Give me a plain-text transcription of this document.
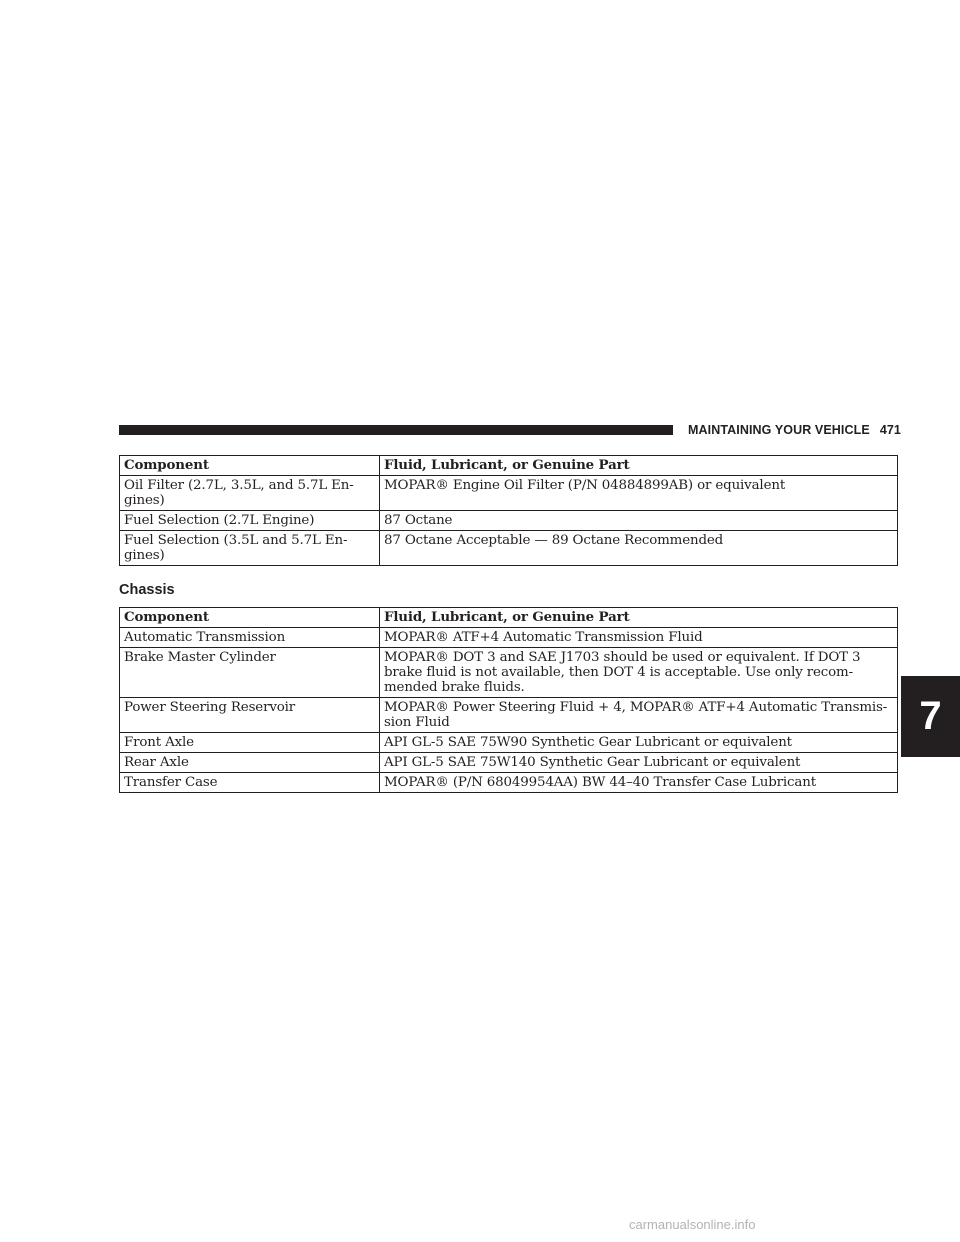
MAINTAINING YOUR VEHICLE 471
Component	Fluid, Lubricant, or Genuine Part
Oil Filter (2.7L, 3.5L, and 5.7L En-
gines)	MOPAR® Engine Oil Filter (P/N 04884899AB) or equivalent
Fuel Selection (2.7L Engine)	87 Octane
Fuel Selection (3.5L and 5.7L En-
gines)	87 Octane Acceptable — 89 Octane Recommended
Chassis
Component	Fluid, Lubricant, or Genuine Part
Automatic Transmission	MOPAR® ATF+4 Automatic Transmission Fluid
Brake Master Cylinder	MOPAR® DOT 3 and SAE J1703 should be used or equivalent. If DOT 3
brake fluid is not available, then DOT 4 is acceptable. Use only recom-
mended brake fluids.
Power Steering Reservoir	MOPAR® Power Steering Fluid + 4, MOPAR® ATF+4 Automatic Transmis-
sion Fluid
Front Axle	API GL-5 SAE 75W90 Synthetic Gear Lubricant or equivalent
Rear Axle	API GL-5 SAE 75W140 Synthetic Gear Lubricant or equivalent
Transfer Case	MOPAR® (P/N 68049954AA) BW 44–40 Transfer Case Lubricant
7
carmanualsonline.info
